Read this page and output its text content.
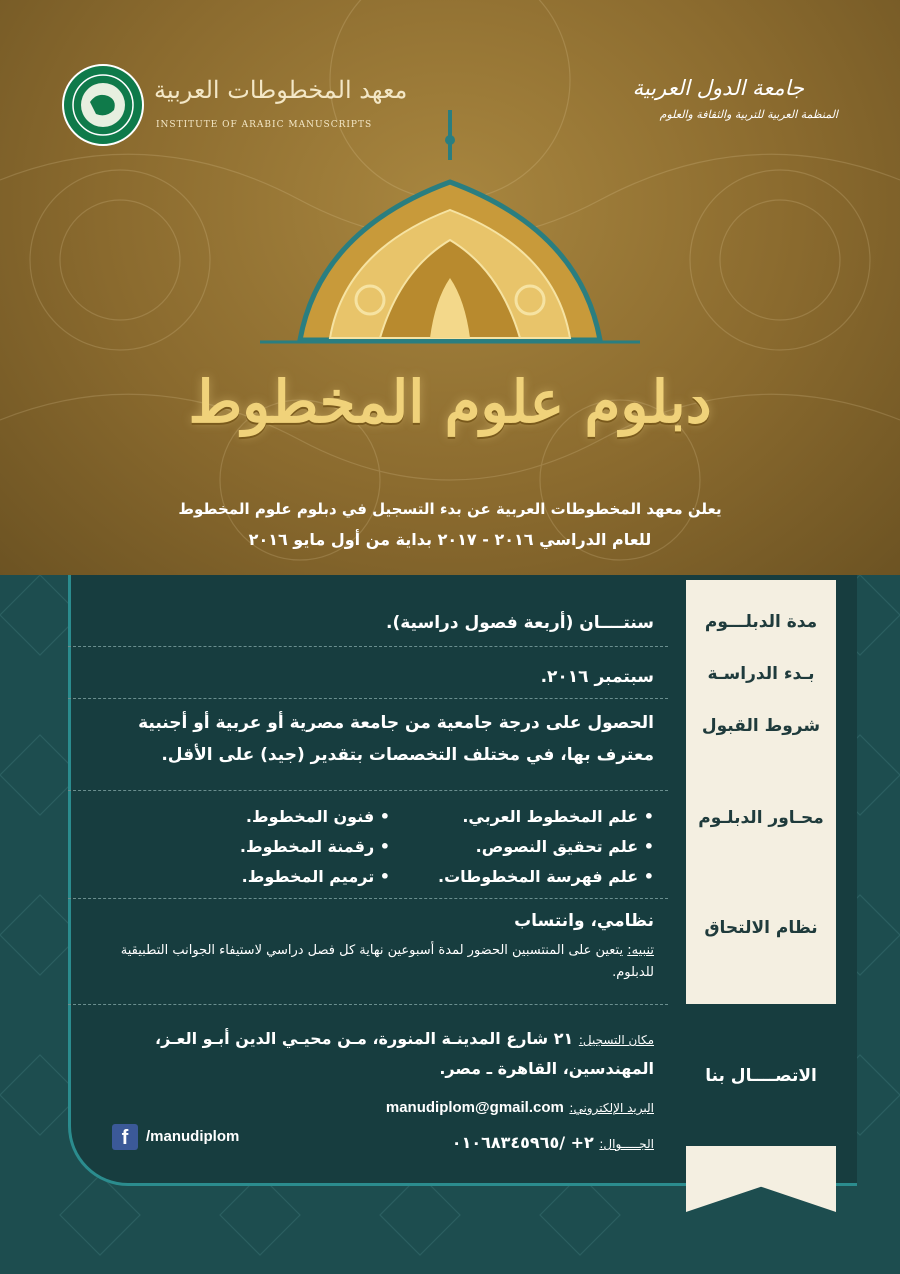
معهد المخطوطات العربية
INSTITUTE OF ARABIC MANUSCRIPTS
جامعة الدول العربية
المنظمة العربية للتربية والثقافة والعلوم
دبلوم علوم المخطوط
يعلن معهد المخطوطات العربية عن بدء التسجيل في دبلوم علوم المخطوط
للعام الدراسي ٢٠١٦ - ٢٠١٧ بداية من أول مايو ٢٠١٦
مدة الدبلـــوم
بـدء الدراسـة
شروط القبول
محـاور الدبلـوم
نظام الالتحاق
الاتصــــال بنا
سنتــــان (أربعة فصول دراسية).
سبتمبر ٢٠١٦.
الحصول على درجة جامعية من جامعة مصرية أو عربية أو أجنبية
معترف بها، في مختلف التخصصات بتقدير (جيد) على الأقل.
• علم المخطوط العربي.
• علم تحقيق النصوص.
• علم فهرسة المخطوطات.
• فنون المخطوط.
• رقمنة المخطوط.
• ترميم المخطوط.
نظامي، وانتساب
تنبيه: يتعين على المنتسبين الحضور لمدة أسبوعين نهاية كل فصل دراسي لاستيفاء الجوانب التطبيقية للدبلوم.
مكان التسجيل: ٢١ شارع المدينـة المنورة، مـن محيـي الدين أبـو العـز،
المهندسين، القاهرة ـ مصر.
البريد الإلكتروني: manudiplom@gmail.com
الجـــــوال: ٢+ /٠١٠٦٨٣٤٥٩٦٥
f	/manudiplom
